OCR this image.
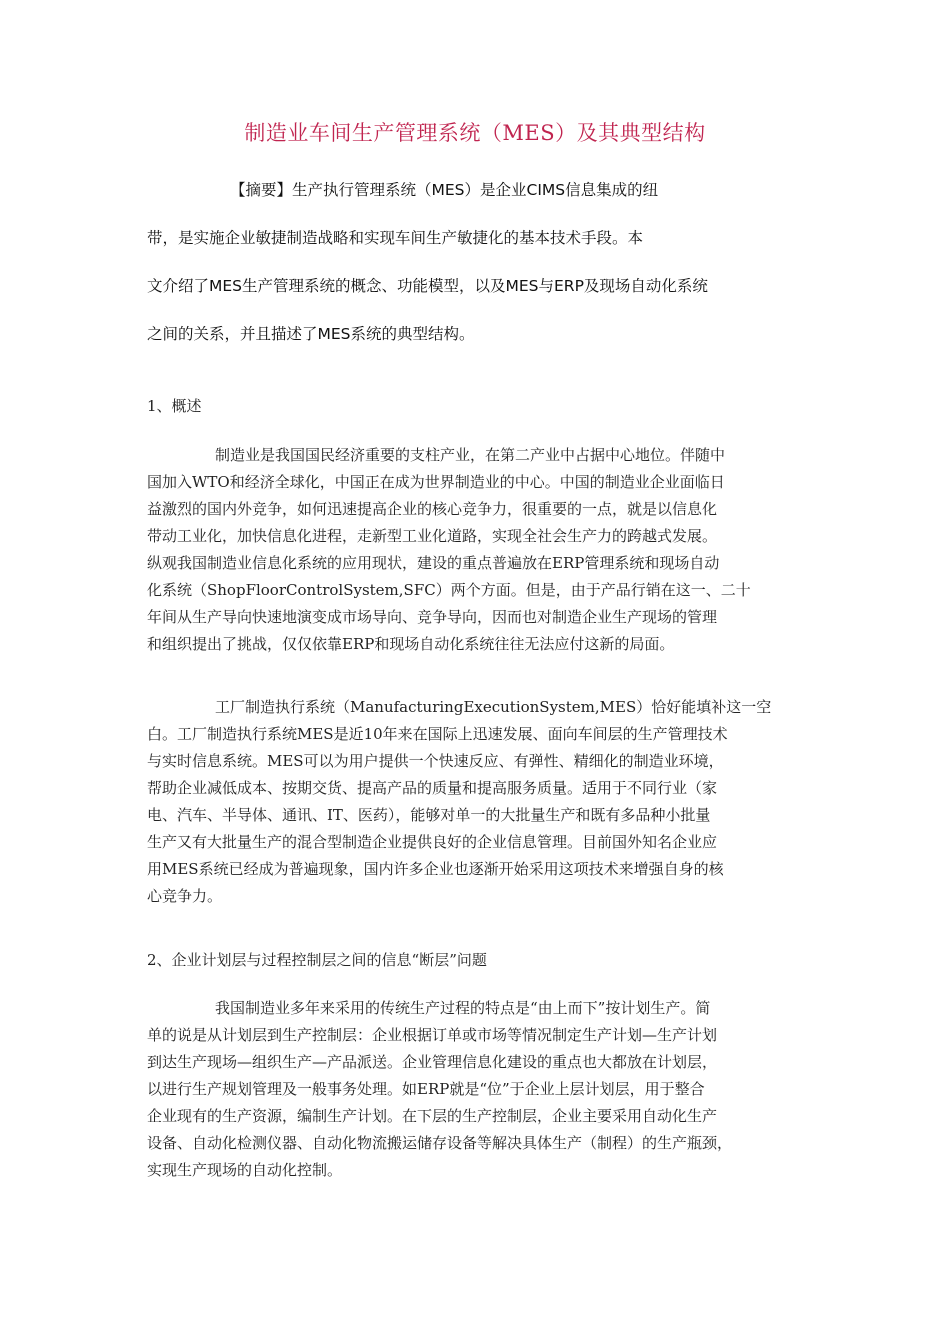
制造业车间生产管理系统（MES）及其典型结构
【摘要】生产执行管理系统（MES）是企业CIMS信息集成的纽
带，是实施企业敏捷制造战略和实现车间生产敏捷化的基本技术手段。本
文介绍了MES生产管理系统的概念、功能模型，以及MES与ERP及现场自动化系统
之间的关系，并且描述了MES系统的典型结构。
1、概述
制造业是我国国民经济重要的支柱产业，在第二产业中占据中心地位。伴随中
国加入WTO和经济全球化，中国正在成为世界制造业的中心。中国的制造业企业面临日
益激烈的国内外竞争，如何迅速提高企业的核心竞争力，很重要的一点，就是以信息化
带动工业化，加快信息化进程，走新型工业化道路，实现全社会生产力的跨越式发展。
纵观我国制造业信息化系统的应用现状，建设的重点普遍放在ERP管理系统和现场自动
化系统（ShopFloorControlSystem,SFC）两个方面。但是，由于产品行销在这一、二十
年间从生产导向快速地演变成市场导向、竞争导向，因而也对制造企业生产现场的管理
和组织提出了挑战，仅仅依靠ERP和现场自动化系统往往无法应付这新的局面。
工厂制造执行系统（ManufacturingExecutionSystem,MES）恰好能填补这一空
白。工厂制造执行系统MES是近10年来在国际上迅速发展、面向车间层的生产管理技术
与实时信息系统。MES可以为用户提供一个快速反应、有弹性、精细化的制造业环境，
帮助企业减低成本、按期交货、提高产品的质量和提高服务质量。适用于不同行业（家
电、汽车、半导体、通讯、IT、医药），能够对单一的大批量生产和既有多品种小批量
生产又有大批量生产的混合型制造企业提供良好的企业信息管理。目前国外知名企业应
用MES系统已经成为普遍现象，国内许多企业也逐渐开始采用这项技术来增强自身的核
心竞争力。
2、企业计划层与过程控制层之间的信息“断层”问题
我国制造业多年来采用的传统生产过程的特点是“由上而下”按计划生产。简
单的说是从计划层到生产控制层：企业根据订单或市场等情况制定生产计划—生产计划
到达生产现场—组织生产—产品派送。企业管理信息化建设的重点也大都放在计划层，
以进行生产规划管理及一般事务处理。如ERP就是“位”于企业上层计划层，用于整合
企业现有的生产资源，编制生产计划。在下层的生产控制层，企业主要采用自动化生产
设备、自动化检测仪器、自动化物流搬运储存设备等解决具体生产（制程）的生产瓶颈，
实现生产现场的自动化控制。
